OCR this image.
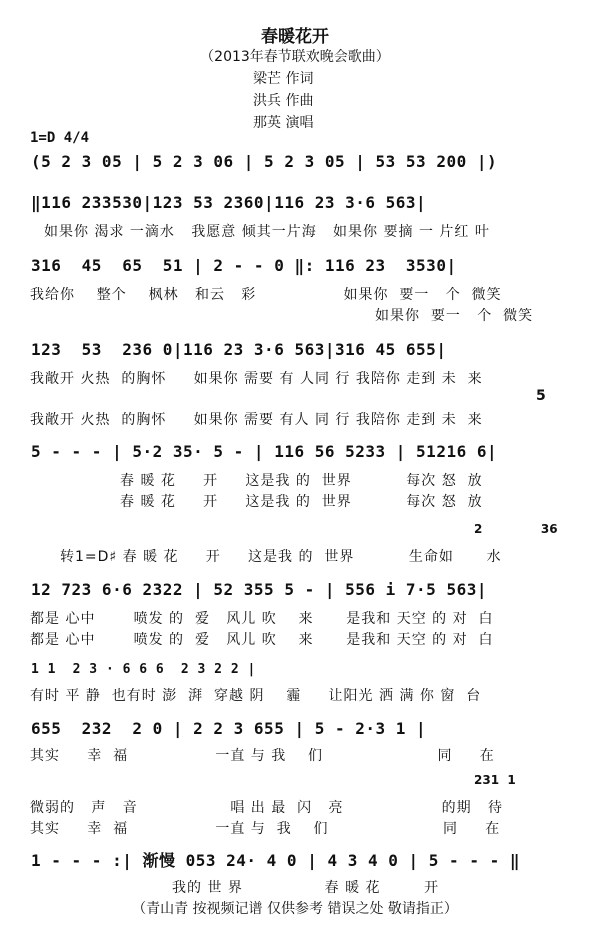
春暖花开
（2013年春节联欢晚会歌曲）
梁芒 作词
洪兵 作曲
那英 演唱
1=D 4/4
(5 2 3 05 | 5 2 3 06 | 5 2 3 05 | 53 53 200 |)
‖116 233530|123 53 2360|116 23 3·6 563|
如果你 渴求 一滴水   我愿意 倾其一片海   如果你 要摘 一 片红 叶
316  45  65  51 | 2 - - 0 ‖: 116 23  3530|
我给你    整个    枫林   和云   彩                如果你  要一   个  微笑
如果你  要一   个  微笑
123  53  236 0|116 23 3·6 563|316 45 655|
我敞开 火热  的胸怀     如果你 需要 有 人同 行 我陪你 走到 未  来
5
我敞开 火热  的胸怀     如果你 需要 有人 同 行 我陪你 走到 未  来
5 - - - | 5·2 35· 5 - | 116 56 5233 | 51216 6|
春 暖 花     开     这是我 的  世界          每次 怒  放
春 暖 花     开     这是我 的  世界          每次 怒  放
2              36
转1=D♯ 春 暖 花     开     这是我 的  世界          生命如      水
12 723 6·6 2322 | 52 355 5 - | 556 i 7·5 563|
都是 心中       喷发 的  爱   风儿 吹    来      是我和 天空 的 对  白
都是 心中       喷发 的  爱   风儿 吹    来      是我和 天空 的 对  白
1 1  2 3 · 6 6 6  2 3 2 2 |
有时 平 静  也有时 澎  湃  穿越 阴    霾     让阳光 洒 满 你 窗  台
655  232  2 0 | 2 2 3 655 | 5 - 2·3 1 |
其实     幸  福                一直 与 我    们                     同     在
231  1
微弱的   声   音                 唱 出 最  闪   亮                  的期   待
其实     幸  福                一直 与  我    们                     同     在
1 - - - :| 渐慢 053 24· 4 0 | 4 3 4 0 | 5 - - - ‖
我的 世 界               春 暖 花        开
（青山青 按视频记谱 仅供参考 错误之处 敬请指正）
